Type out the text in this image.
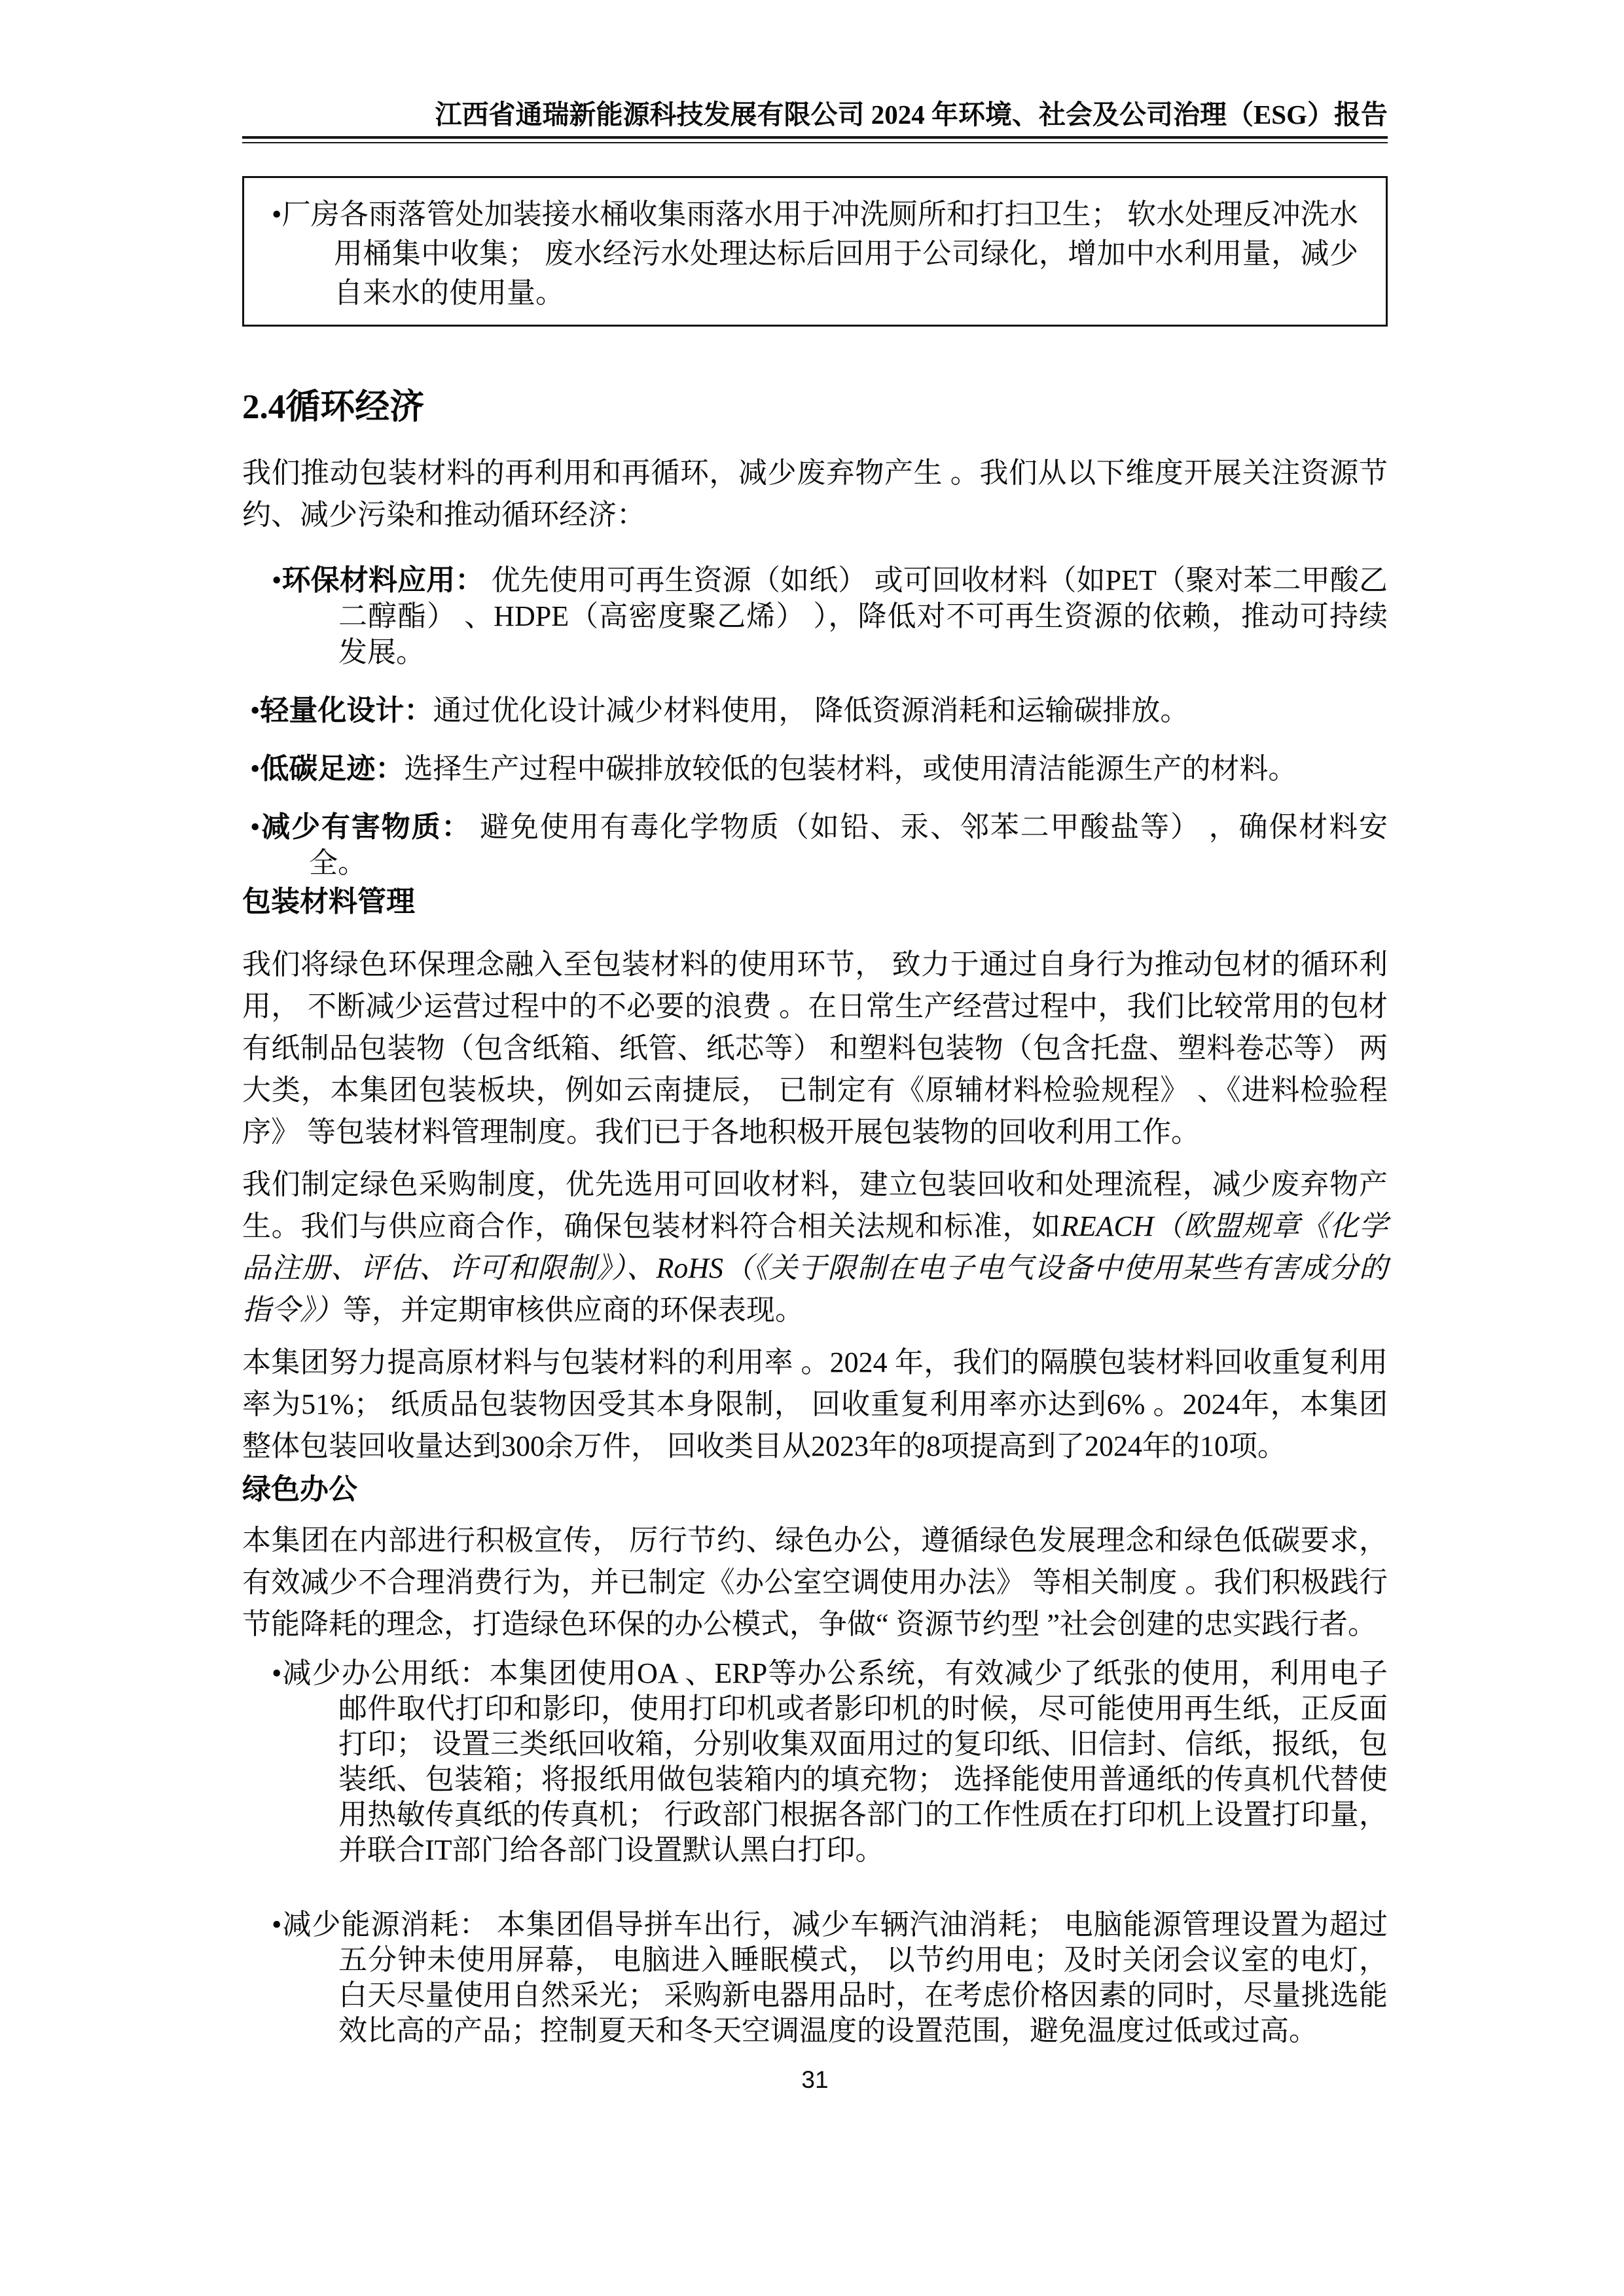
江西省通瑞新能源科技发展有限公司 2024 年环境、社会及公司治理（ESG）报告

•厂房各雨落管处加装接水桶收集雨落水用于冲洗厕所和打扫卫生； 软水处理反冲洗水用桶集中收集； 废水经污水处理达标后回用于公司绿化，增加中水利用量，减少自来水的使用量。

2.4循环经济

我们推动包装材料的再利用和再循环，减少废弃物产生 。我们从以下维度开展关注资源节约、减少污染和推动循环经济：

•环保材料应用： 优先使用可再生资源（如纸） 或可回收材料（如PET（聚对苯二甲酸乙二醇酯） 、HDPE（高密度聚乙烯） ），降低对不可再生资源的依赖，推动可持续发展。

•轻量化设计：通过优化设计减少材料使用， 降低资源消耗和运输碳排放。

•低碳足迹：选择生产过程中碳排放较低的包装材料，或使用清洁能源生产的材料。

•减少有害物质： 避免使用有毒化学物质（如铅、汞、邻苯二甲酸盐等） ，确保材料安全。

包装材料管理

我们将绿色环保理念融入至包装材料的使用环节， 致力于通过自身行为推动包材的循环利用， 不断减少运营过程中的不必要的浪费 。在日常生产经营过程中，我们比较常用的包材有纸制品包装物（包含纸箱、纸管、纸芯等） 和塑料包装物（包含托盘、塑料卷芯等） 两大类，本集团包装板块，例如云南捷辰， 已制定有《原辅材料检验规程》 、《进料检验程序》 等包装材料管理制度。我们已于各地积极开展包装物的回收利用工作。

我们制定绿色采购制度，优先选用可回收材料，建立包装回收和处理流程，减少废弃物产生。我们与供应商合作，确保包装材料符合相关法规和标准，如REACH（欧盟规章《化学品注册、评估、许可和限制》）、RoHS（《关于限制在电子电气设备中使用某些有害成分的指令》）等，并定期审核供应商的环保表现。

本集团努力提高原材料与包装材料的利用率 。2024 年，我们的隔膜包装材料回收重复利用率为51%； 纸质品包装物因受其本身限制， 回收重复利用率亦达到6% 。2024年，本集团整体包装回收量达到300余万件， 回收类目从2023年的8项提高到了2024年的10项。

绿色办公

本集团在内部进行积极宣传， 厉行节约、绿色办公，遵循绿色发展理念和绿色低碳要求，有效减少不合理消费行为，并已制定《办公室空调使用办法》 等相关制度 。我们积极践行节能降耗的理念，打造绿色环保的办公模式，争做“ 资源节约型 ”社会创建的忠实践行者。

•减少办公用纸：本集团使用OA 、ERP等办公系统，有效减少了纸张的使用，利用电子邮件取代打印和影印，使用打印机或者影印机的时候，尽可能使用再生纸，正反面打印； 设置三类纸回收箱，分别收集双面用过的复印纸、旧信封、信纸，报纸，包装纸、包装箱；将报纸用做包装箱内的填充物； 选择能使用普通纸的传真机代替使用热敏传真纸的传真机； 行政部门根据各部门的工作性质在打印机上设置打印量，并联合IT部门给各部门设置默认黑白打印。

•减少能源消耗： 本集团倡导拼车出行，减少车辆汽油消耗； 电脑能源管理设置为超过五分钟未使用屏幕， 电脑进入睡眠模式， 以节约用电；及时关闭会议室的电灯， 白天尽量使用自然采光； 采购新电器用品时，在考虑价格因素的同时，尽量挑选能效比高的产品；控制夏天和冬天空调温度的设置范围，避免温度过低或过高。

31
